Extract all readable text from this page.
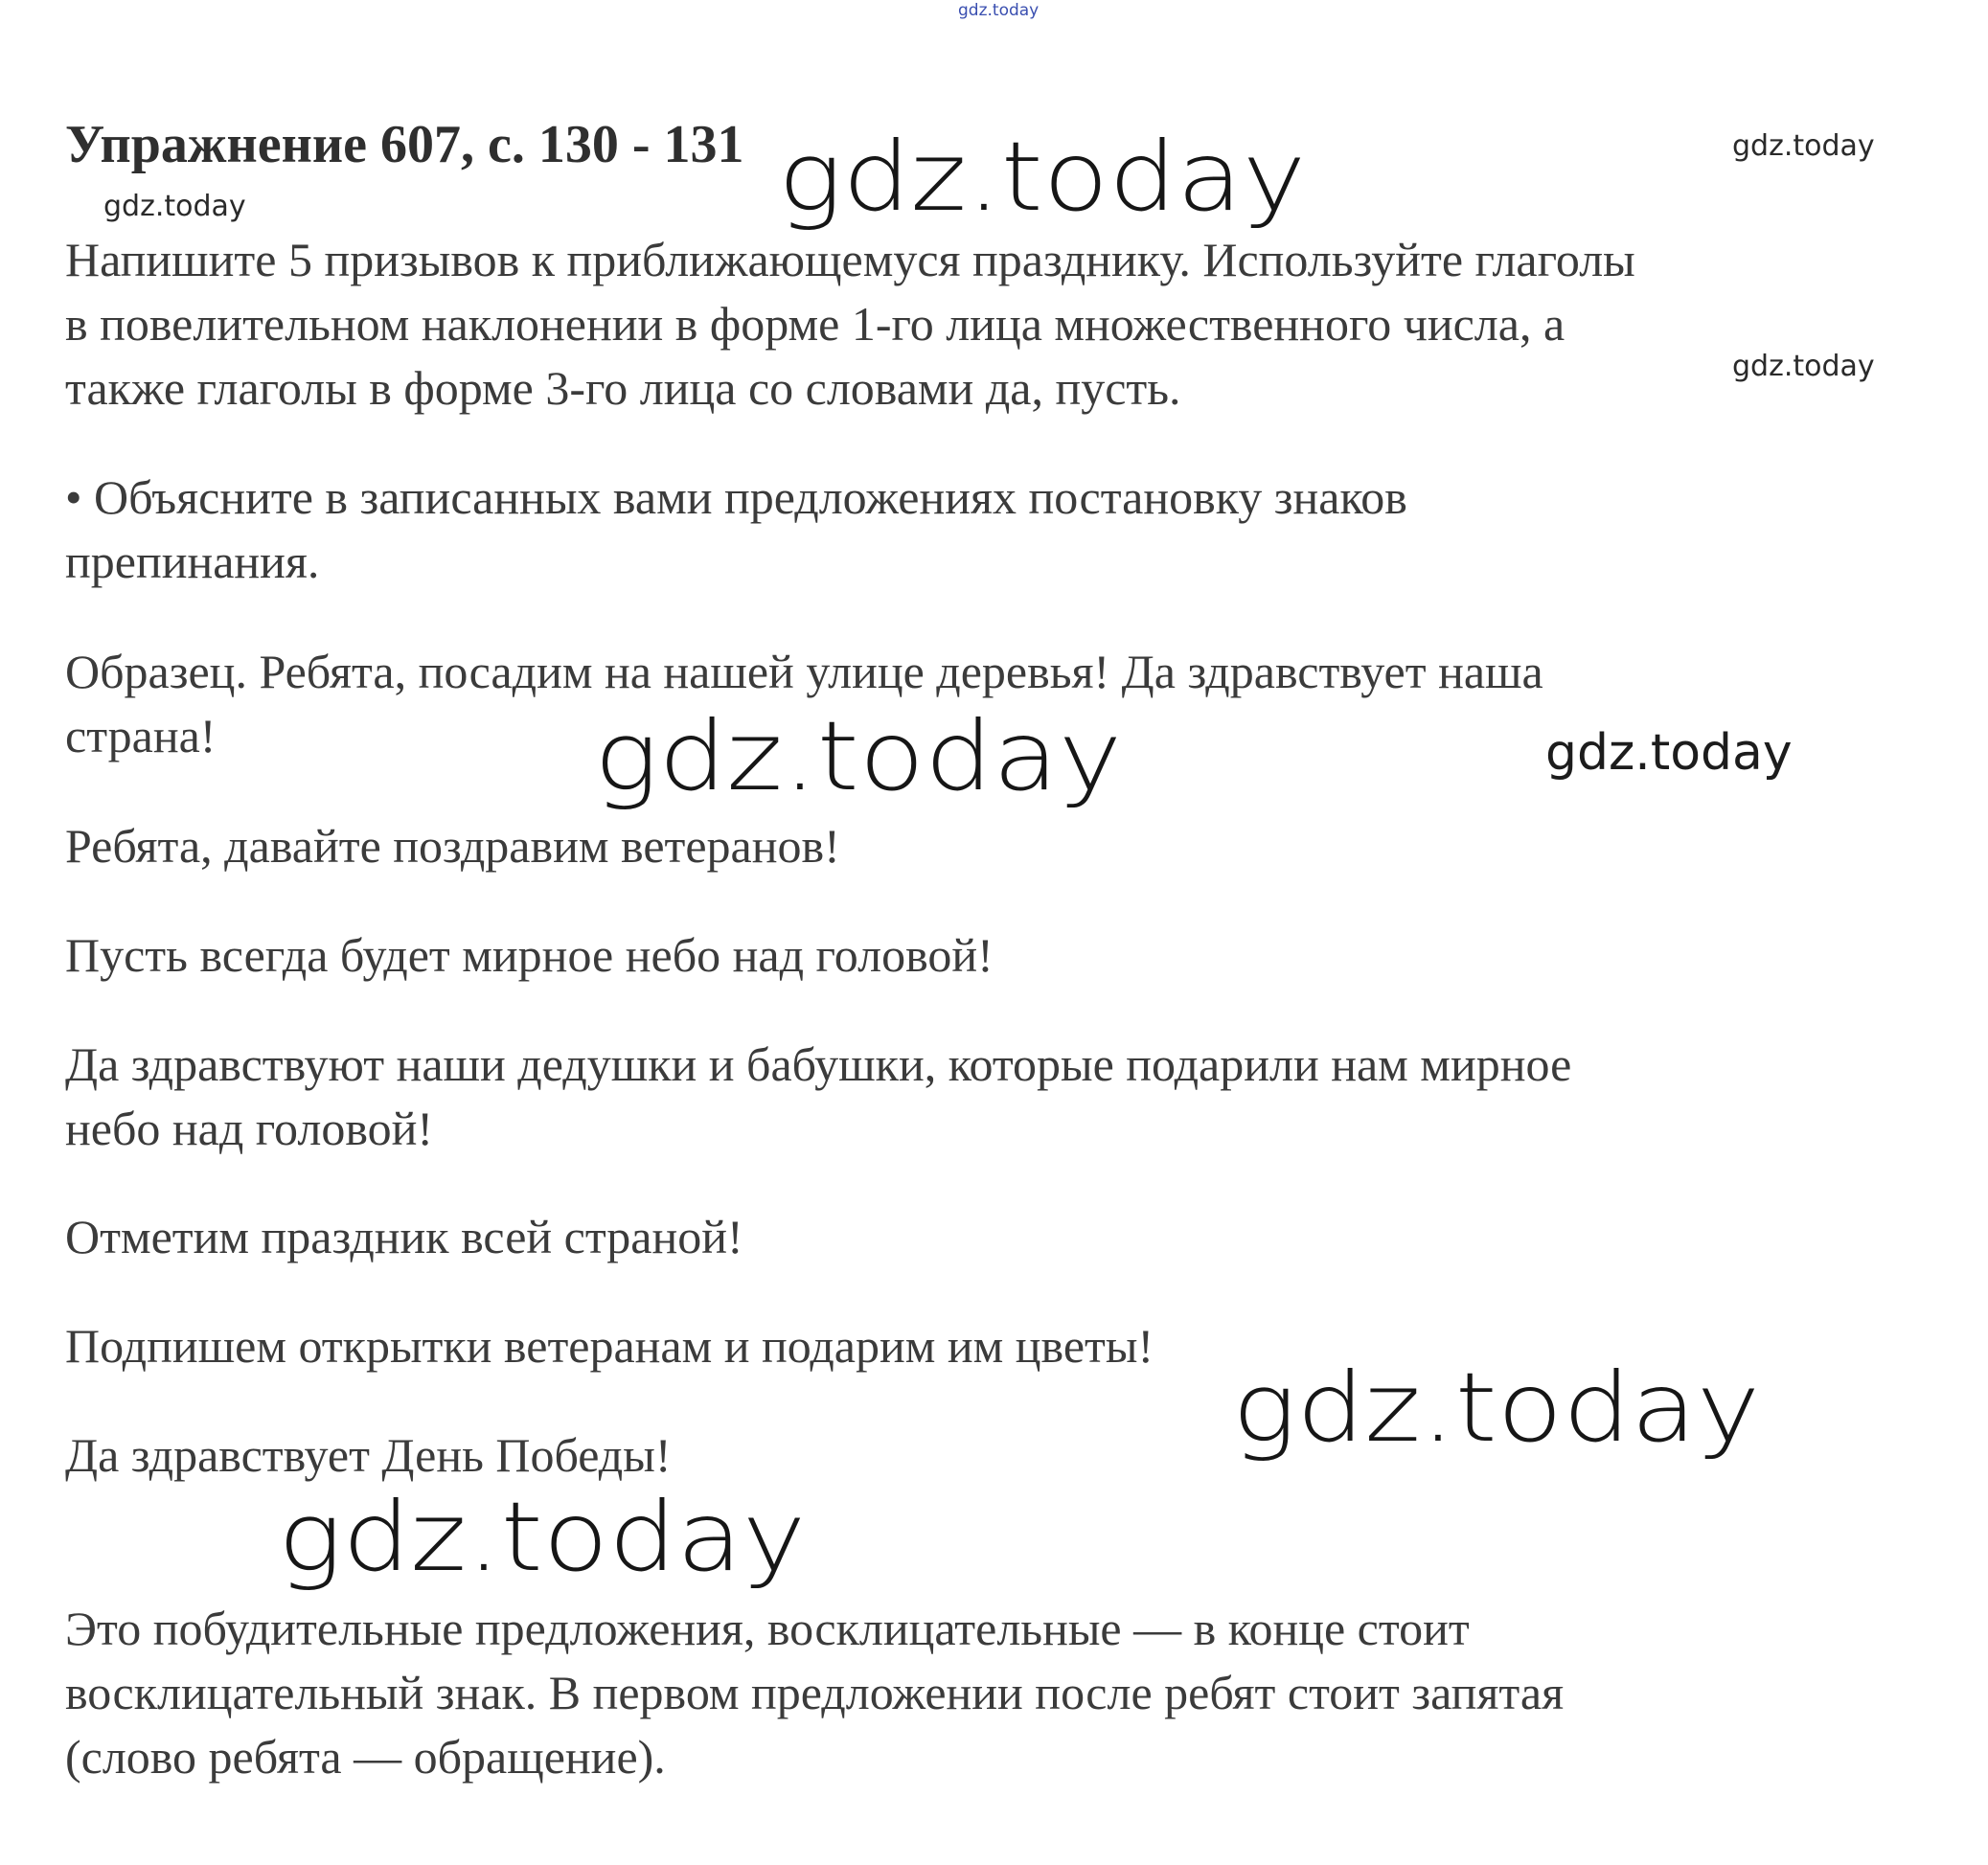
gdz.today
gdz.today
gdz.today
gdz.today
gdz.today
gdz.today	gdz.today
gdz.today
gdz.today
Упражнение 607, с. 130 - 131
Напишите 5 призывов к приближающемуся празднику. Используйте глаголы
в повелительном наклонении в форме 1-го лица множественного числа, а
также глаголы в форме 3-го лица со словами да, пусть.
• Объясните в записанных вами предложениях постановку знаков
препинания.
Образец. Ребята, посадим на нашей улице деревья! Да здравствует наша
страна!
Ребята, давайте поздравим ветеранов!
Пусть всегда будет мирное небо над головой!
Да здравствуют наши дедушки и бабушки, которые подарили нам мирное
небо над головой!
Отметим праздник всей страной!
Подпишем открытки ветеранам и подарим им цветы!
Да здравствует День Победы!
Это побудительные предложения, восклицательные — в конце стоит
восклицательный знак. В первом предложении после ребят стоит запятая
(слово ребята — обращение).
